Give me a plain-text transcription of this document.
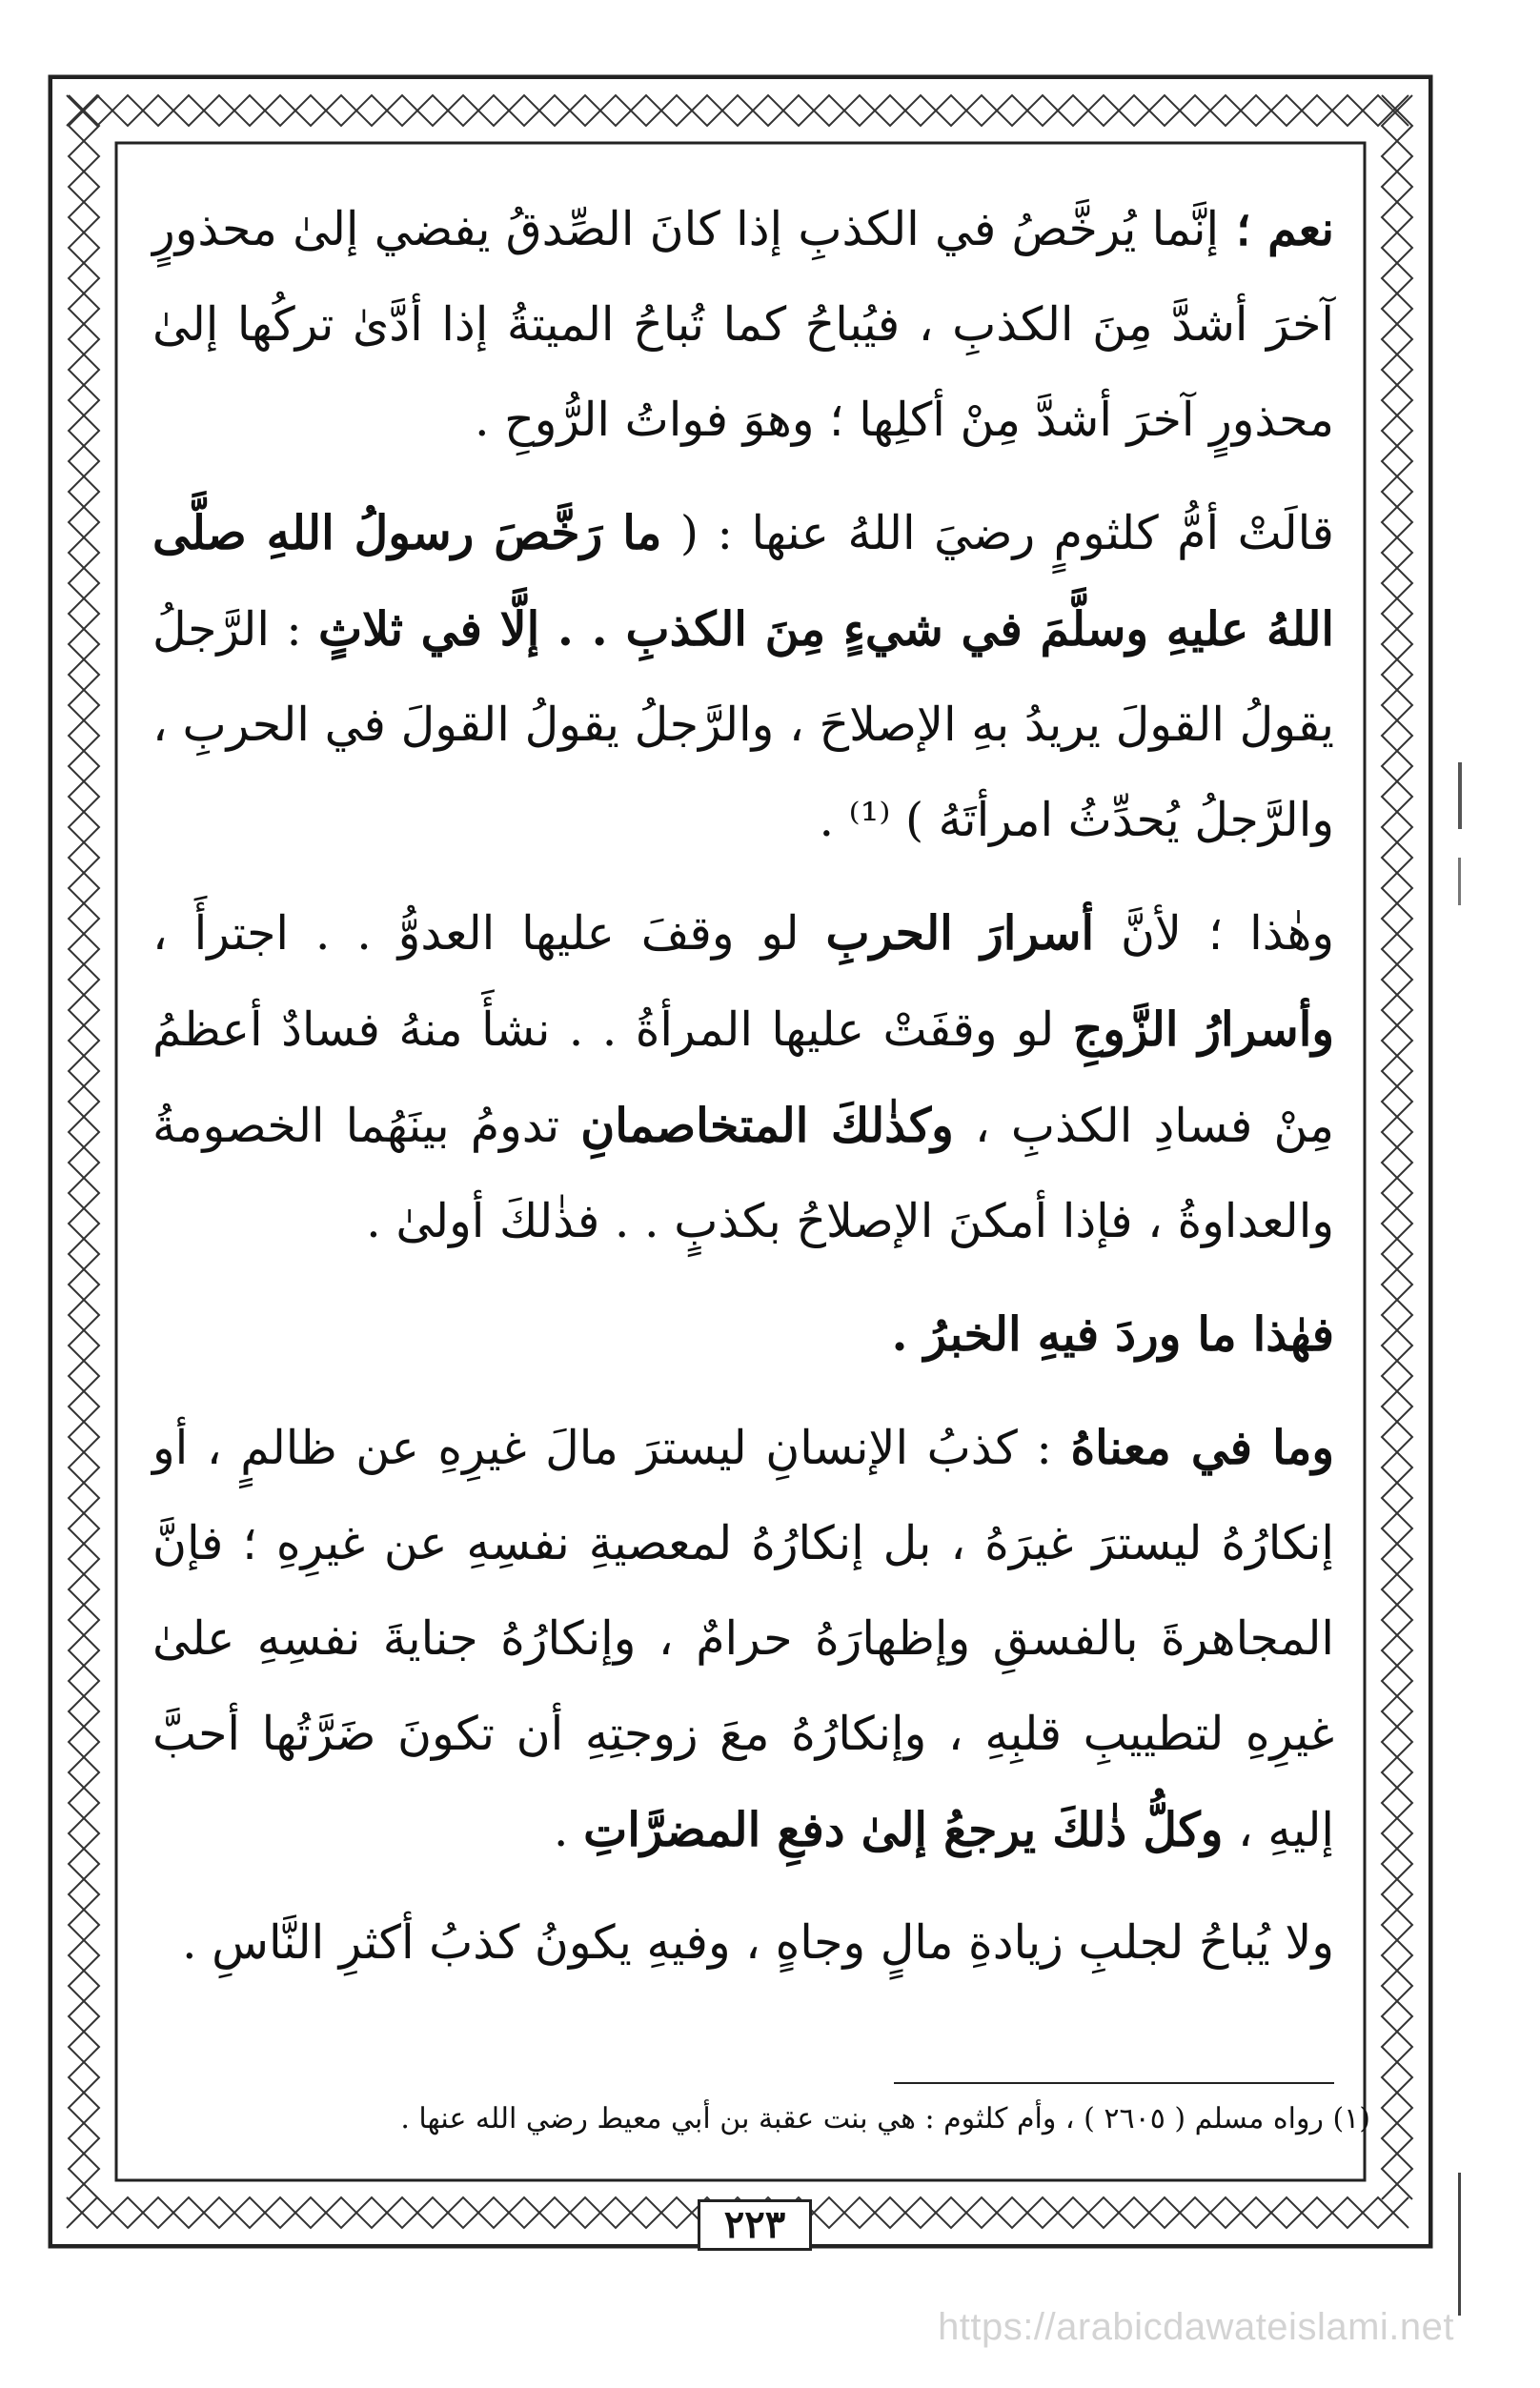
نعم ؛ إنَّما يُرخَّصُ في الكذبِ إذا كانَ الصِّدقُ يفضي إلىٰ محذورٍ آخرَ أشدَّ مِنَ الكذبِ ، فيُباحُ كما تُباحُ الميتةُ إذا أدَّىٰ تركُها إلىٰ محذورٍ آخرَ أشدَّ مِنْ أكلِها ؛ وهوَ فواتُ الرُّوحِ .

قالَتْ أمُّ كلثومٍ رضيَ اللهُ عنها : ( ما رَخَّصَ رسولُ اللهِ صلَّى اللهُ عليهِ وسلَّمَ في شيءٍ مِنَ الكذبِ . . إلَّا في ثلاثٍ : الرَّجلُ يقولُ القولَ يريدُ بهِ الإصلاحَ ، والرَّجلُ يقولُ القولَ في الحربِ ، والرَّجلُ يُحدِّثُ امرأتَهُ ) ⁽¹⁾ .

وهٰذا ؛ لأنَّ أسرارَ الحربِ لو وقفَ عليها العدوُّ . . اجترأَ ، وأسرارُ الزَّوجِ لو وقفَتْ عليها المرأةُ . . نشأَ منهُ فسادٌ أعظمُ مِنْ فسادِ الكذبِ ، وكذٰلكَ المتخاصمانِ تدومُ بينَهُما الخصومةُ والعداوةُ ، فإذا أمكنَ الإصلاحُ بكذبٍ . . فذٰلكَ أولىٰ .

فهٰذا ما وردَ فيهِ الخبرُ .

وما في معناهُ : كذبُ الإنسانِ ليسترَ مالَ غيرِهِ عن ظالمٍ ، أو إنكارُهُ ليسترَ غيرَهُ ، بل إنكارُهُ لمعصيةِ نفسِهِ عن غيرِهِ ؛ فإنَّ المجاهرةَ بالفسقِ وإظهارَهُ حرامٌ ، وإنكارُهُ جنايةَ نفسِهِ علىٰ غيرِهِ لتطييبِ قلبِهِ ، وإنكارُهُ معَ زوجتِهِ أن تكونَ ضَرَّتُها أحبَّ إليهِ ، وكلُّ ذٰلكَ يرجعُ إلىٰ دفعِ المضرَّاتِ .

ولا يُباحُ لجلبِ زيادةِ مالٍ وجاهٍ ، وفيهِ يكونُ كذبُ أكثرِ النَّاسِ .

(١) رواه مسلم ( ٢٦٠٥ ) ، وأم كلثوم : هي بنت عقبة بن أبي معيط رضي الله عنها .
٢٢٣
https://arabicdawateislami.net
